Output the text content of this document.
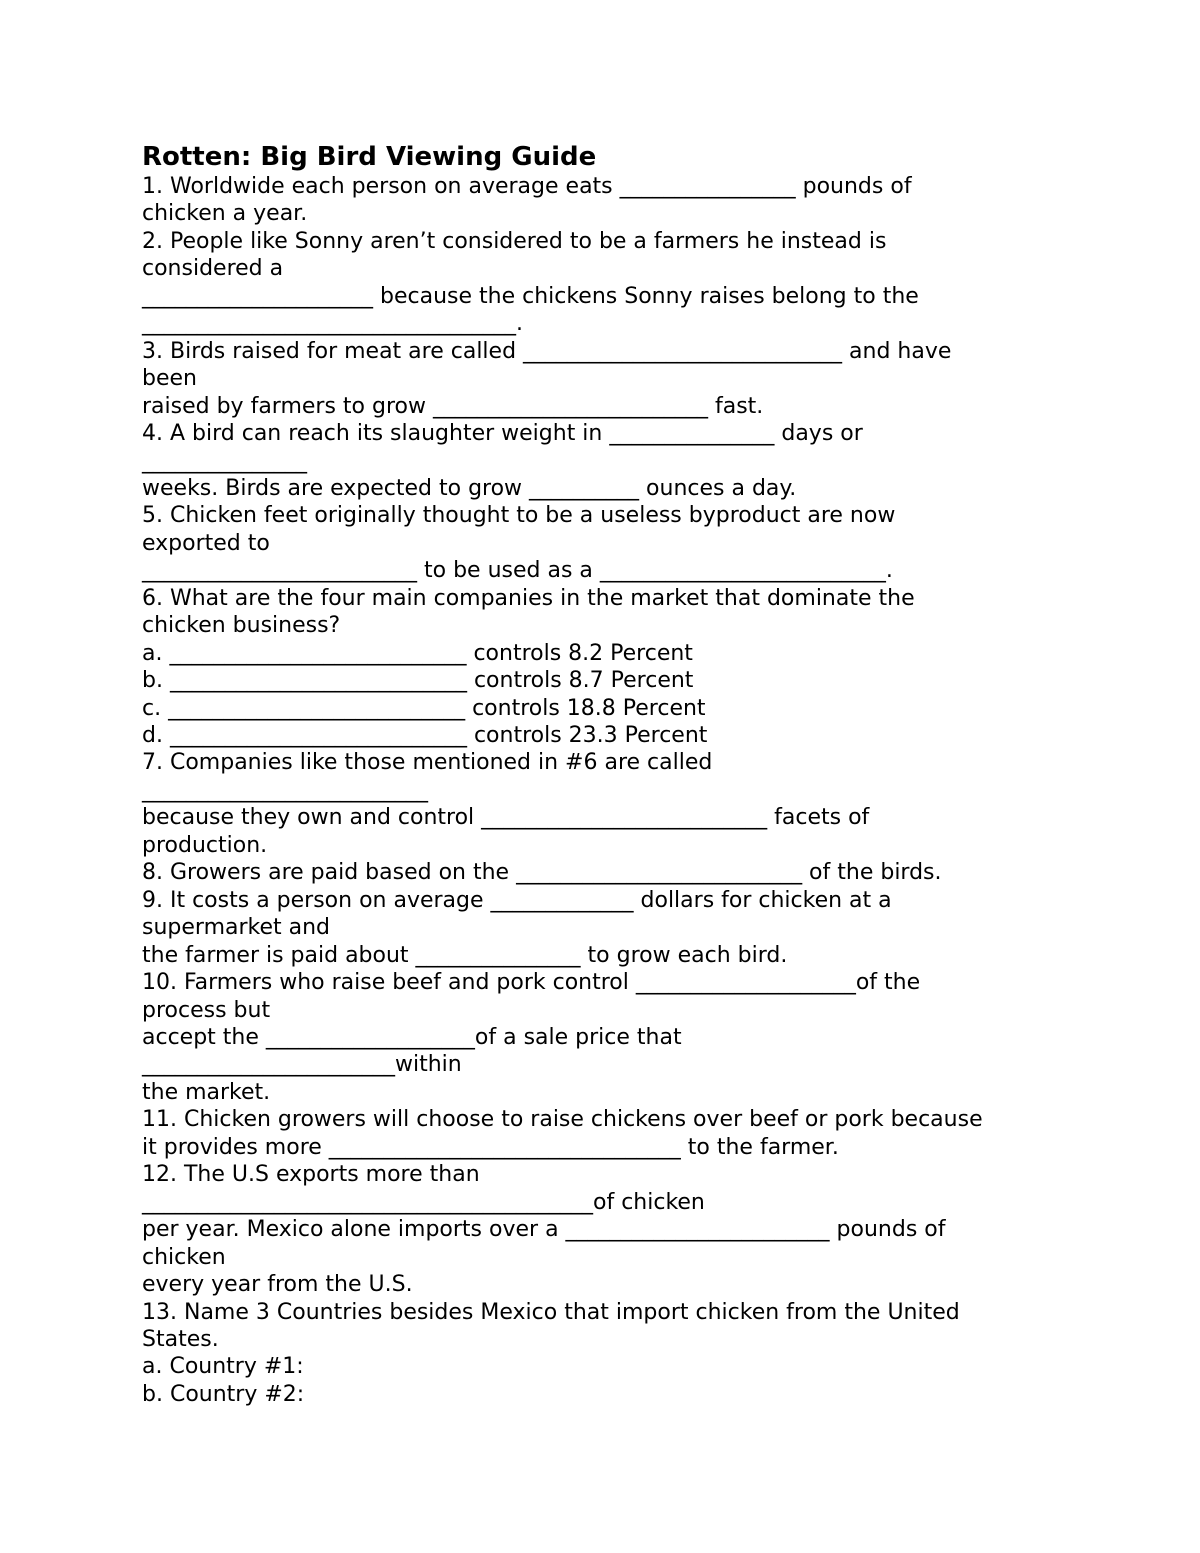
Rotten: Big Bird Viewing Guide
1. Worldwide each person on average eats ________________ pounds of
chicken a year.
2. People like Sonny aren’t considered to be a farmers he instead is
considered a
_____________________ because the chickens Sonny raises belong to the
__________________________________.
3. Birds raised for meat are called _____________________________ and have
been
raised by farmers to grow _________________________ fast.
4. A bird can reach its slaughter weight in _______________ days or
_______________
weeks. Birds are expected to grow __________ ounces a day.
5. Chicken feet originally thought to be a useless byproduct are now
exported to
_________________________ to be used as a __________________________.
6. What are the four main companies in the market that dominate the
chicken business?
a. ___________________________ controls 8.2 Percent
b. ___________________________ controls 8.7 Percent
c. ___________________________ controls 18.8 Percent
d. ___________________________ controls 23.3 Percent
7. Companies like those mentioned in #6 are called
__________________________
because they own and control __________________________ facets of
production.
8. Growers are paid based on the __________________________ of the birds.
9. It costs a person on average _____________ dollars for chicken at a
supermarket and
the farmer is paid about _______________ to grow each bird.
10. Farmers who raise beef and pork control ____________________of the
process but
accept the ___________________of a sale price that
_______________________within
the market.
11. Chicken growers will choose to raise chickens over beef or pork because
it provides more ________________________________ to the farmer.
12. The U.S exports more than
_________________________________________of chicken
per year. Mexico alone imports over a ________________________ pounds of
chicken
every year from the U.S.
13. Name 3 Countries besides Mexico that import chicken from the United
States.
a. Country #1:
b. Country #2:
